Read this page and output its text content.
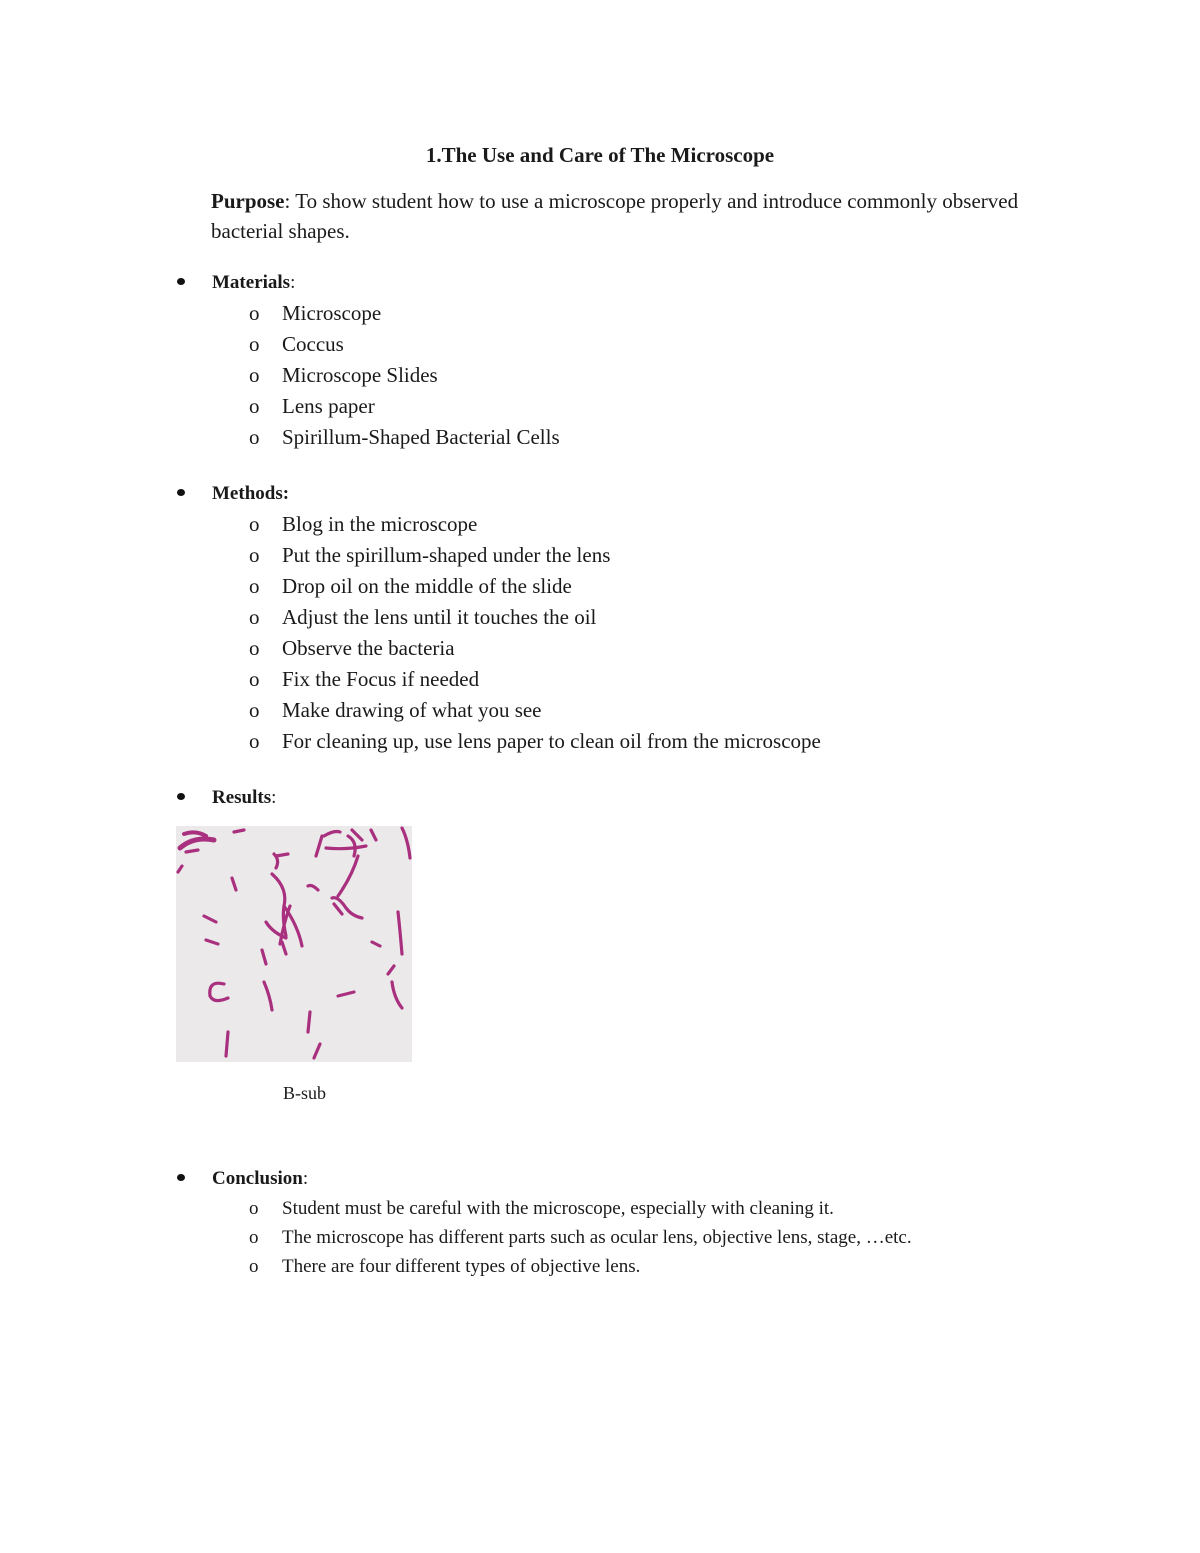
1.The Use and Care of The Microscope
Purpose: To show student how to use a microscope properly and introduce commonly observed bacterial shapes.
Materials:
o Microscope
o Coccus
o Microscope Slides
o Lens paper
o Spirillum-Shaped Bacterial Cells
Methods:
o Blog in the microscope
o Put the spirillum-shaped under the lens
o Drop oil on the middle of the slide
o Adjust the lens until it touches the oil
o Observe the bacteria
o Fix the Focus if needed
o Make drawing of what you see
o For cleaning up, use lens paper to clean oil from the microscope
Results:
B-sub
Conclusion:
o Student must be careful with the microscope, especially with cleaning it.
o The microscope has different parts such as ocular lens, objective lens, stage, …etc.
o There are four different types of objective lens.
